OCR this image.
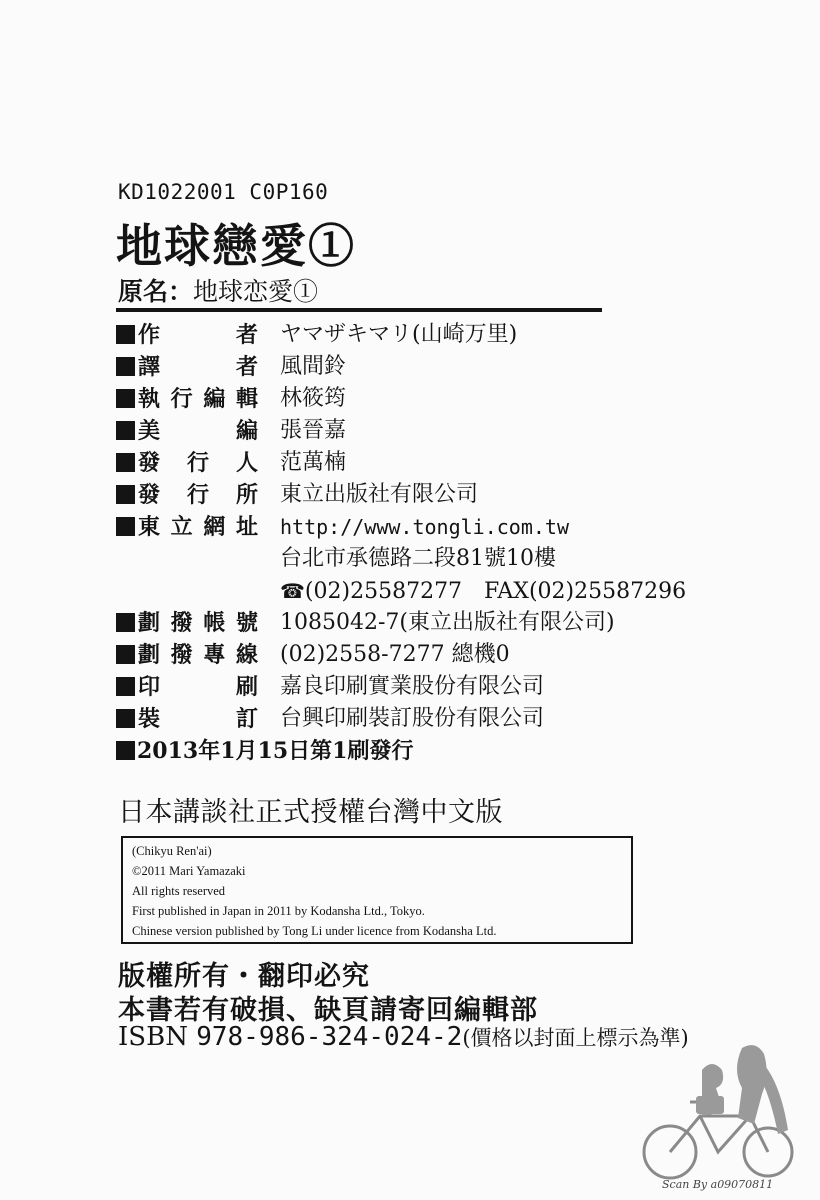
KD1022001 C0P160
地球戀愛①
原名：地球恋愛①
作　　者 ヤマザキマリ(山崎万里)
譯　　者 風間鈴
執行編輯 林筱筠
美　　編 張晉嘉
發 行 人 范萬楠
發 行 所 東立出版社有限公司
東立網址 http://www.tongli.com.tw
台北市承德路二段81號10樓
☎(02)25587277　FAX(02)25587296
劃撥帳號 1085042-7(東立出版社有限公司)
劃撥專線 (02)2558-7277 總機0
印　　刷 嘉良印刷實業股份有限公司
裝　　訂 台興印刷裝訂股份有限公司
2013年1月15日第1刷發行
日本講談社正式授權台灣中文版
(Chikyu Ren'ai)
©2011 Mari Yamazaki
All rights reserved
First published in Japan in 2011 by Kodansha Ltd., Tokyo.
Chinese version published by Tong Li under licence from Kodansha Ltd.
版權所有・翻印必究
本書若有破損、缺頁請寄回編輯部
ISBN 978-986-324-024-2(價格以封面上標示為準)
Scan By a09070811
